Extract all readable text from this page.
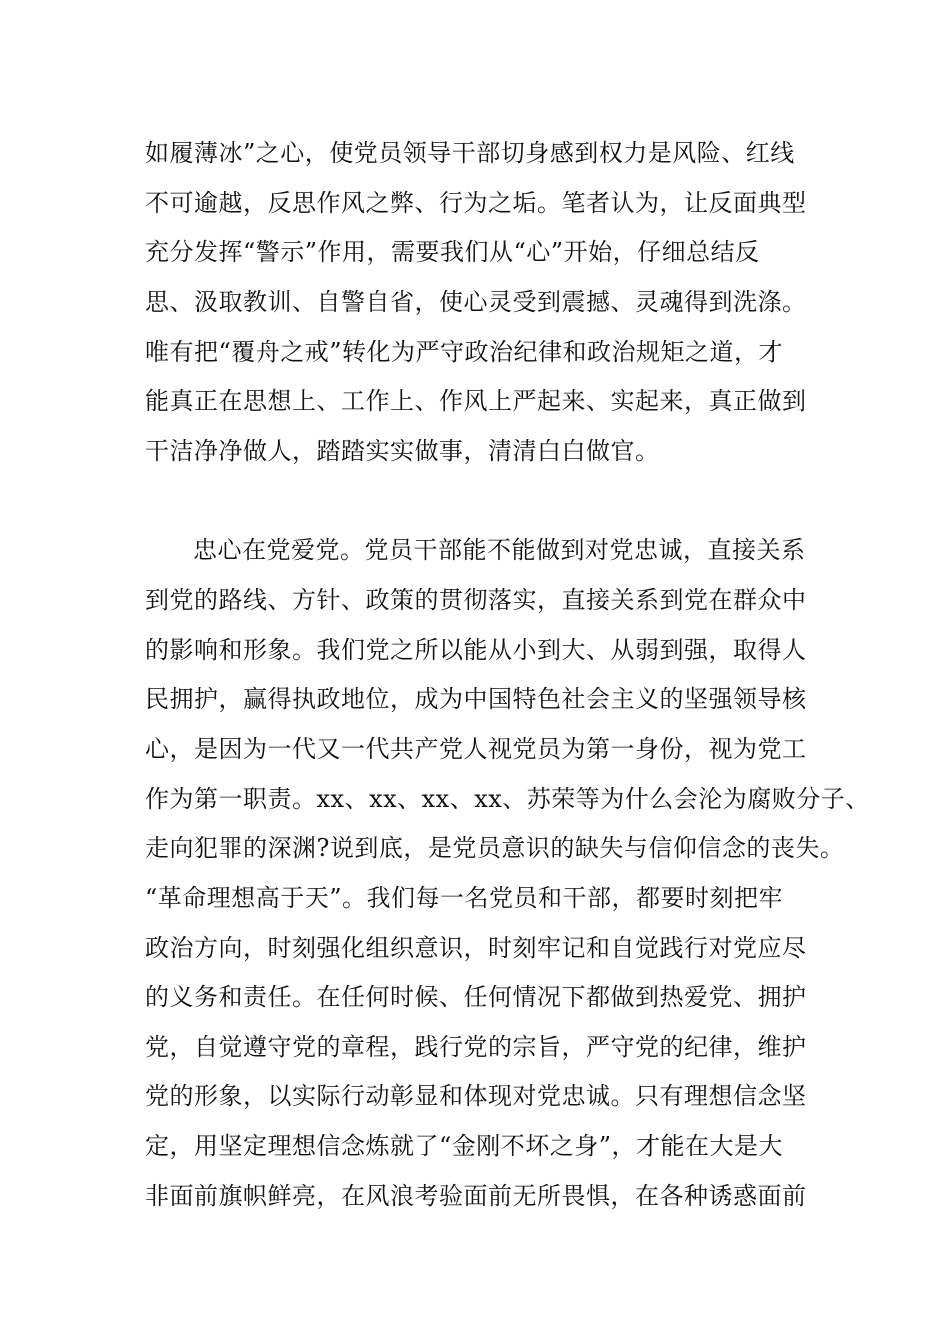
如履薄冰”之心，使党员领导干部切身感到权力是风险、红线
不可逾越，反思作风之弊、行为之垢。笔者认为，让反面典型
充分发挥“警示”作用，需要我们从“心”开始，仔细总结反
思、汲取教训、自警自省，使心灵受到震撼、灵魂得到洗涤。
唯有把“覆舟之戒”转化为严守政治纪律和政治规矩之道，才
能真正在思想上、工作上、作风上严起来、实起来，真正做到
干洁净净做人，踏踏实实做事，清清白白做官。
忠心在党爱党。党员干部能不能做到对党忠诚，直接关系
到党的路线、方针、政策的贯彻落实，直接关系到党在群众中
的影响和形象。我们党之所以能从小到大、从弱到强，取得人
民拥护，赢得执政地位，成为中国特色社会主义的坚强领导核
心，是因为一代又一代共产党人视党员为第一身份，视为党工
作为第一职责。xx、xx、xx、xx、苏荣等为什么会沦为腐败分子、
走向犯罪的深渊?说到底，是党员意识的缺失与信仰信念的丧失。
“革命理想高于天”。我们每一名党员和干部，都要时刻把牢
政治方向，时刻强化组织意识，时刻牢记和自觉践行对党应尽
的义务和责任。在任何时候、任何情况下都做到热爱党、拥护
党，自觉遵守党的章程，践行党的宗旨，严守党的纪律，维护
党的形象，以实际行动彰显和体现对党忠诚。只有理想信念坚
定，用坚定理想信念炼就了“金刚不坏之身”，才能在大是大
非面前旗帜鲜亮，在风浪考验面前无所畏惧，在各种诱惑面前
